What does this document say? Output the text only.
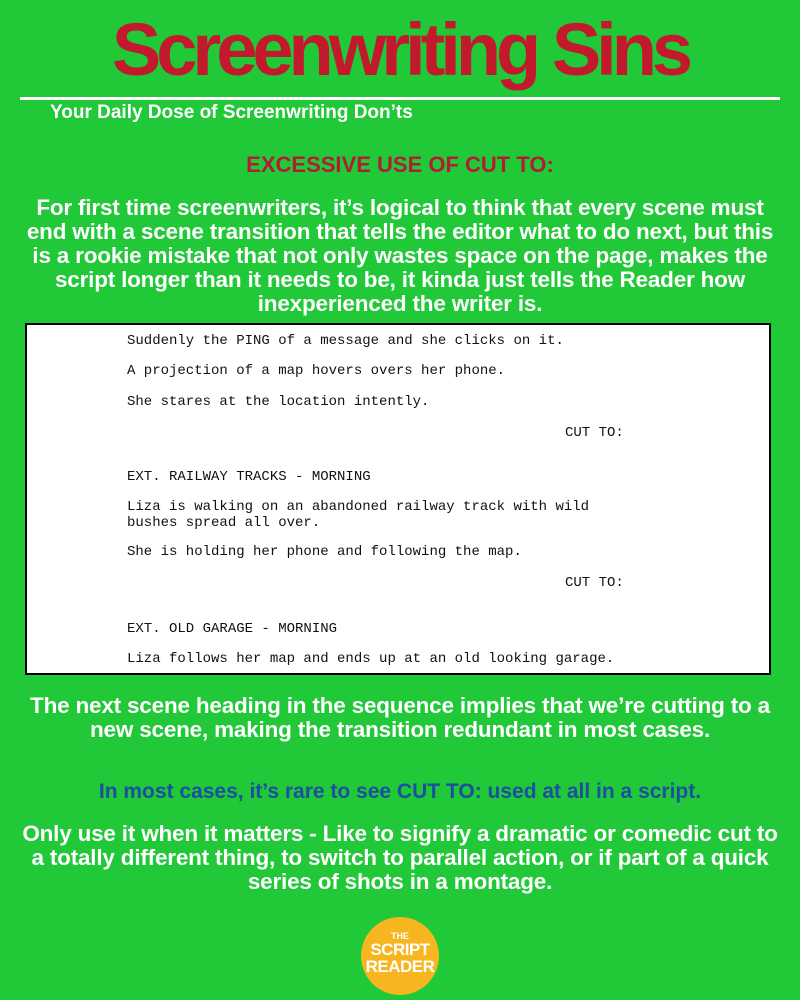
Screenwriting Sins
Your Daily Dose of Screenwriting Don’ts
EXCESSIVE USE OF CUT TO:

For first time screenwriters, it’s logical to think that every scene must end with a scene transition that tells the editor what to do next, but this is a rookie mistake that not only wastes space on the page, makes the script longer than it needs to be, it kinda just tells the Reader how inexperienced the writer is.

Suddenly the PING of a message and she clicks on it.
A projection of a map hovers overs her phone.
She stares at the location intently.
CUT TO:
EXT. RAILWAY TRACKS - MORNING
Liza is walking on an abandoned railway track with wild
bushes spread all over.
She is holding her phone and following the map.
CUT TO:
EXT. OLD GARAGE - MORNING
Liza follows her map and ends up at an old looking garage.

The next scene heading in the sequence implies that we’re cutting to a new scene, making the transition redundant in most cases.

In most cases, it’s rare to see CUT TO: used at all in a script.

Only use it when it matters - Like to signify a dramatic or comedic cut to a totally different thing, to switch to parallel action, or if part of a quick series of shots in a montage.

THE
SCRIPT
READER
